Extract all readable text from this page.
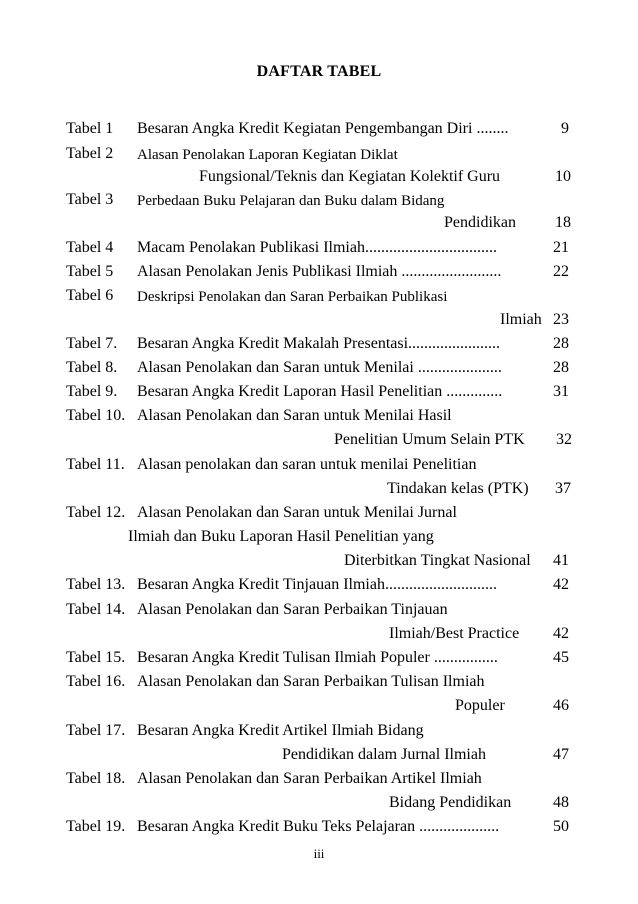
DAFTAR TABEL
Tabel 1 Besaran Angka Kredit Kegiatan Pengembangan Diri ........	9
Tabel 2 Alasan Penolakan Laporan Kegiatan Diklat
Fungsional/Teknis dan Kegiatan Kolektif Guru	10
Tabel 3 Perbedaan Buku Pelajaran dan Buku dalam Bidang
Pendidikan 18
Tabel 4 Macam Penolakan Publikasi Ilmiah.................................	21
Tabel 5 Alasan Penolakan Jenis Publikasi Ilmiah .........................	22
Tabel 6 Deskripsi Penolakan dan Saran Perbaikan Publikasi
Ilmiah 23
Tabel 7. Besaran Angka Kredit Makalah Presentasi.......................	28
Tabel 8. Alasan Penolakan dan Saran untuk Menilai .....................	28
Tabel 9. Besaran Angka Kredit Laporan Hasil Penelitian ..............	31
Tabel 10. Alasan Penolakan dan Saran untuk Menilai Hasil
Penelitian Umum Selain PTK 32
Tabel 11. Alasan penolakan dan saran untuk menilai Penelitian
Tindakan kelas (PTK) 37
Tabel 12. Alasan Penolakan dan Saran untuk Menilai Jurnal
Ilmiah dan Buku Laporan Hasil Penelitian yang
Diterbitkan Tingkat Nasional 41
Tabel 13. Besaran Angka Kredit Tinjauan Ilmiah............................	42
Tabel 14. Alasan Penolakan dan Saran Perbaikan Tinjauan
Ilmiah/Best Practice 42
Tabel 15. Besaran Angka Kredit Tulisan Ilmiah Populer ................	45
Tabel 16. Alasan Penolakan dan Saran Perbaikan Tulisan Ilmiah
Populer	46
Tabel 17. Besaran Angka Kredit Artikel Ilmiah Bidang
Pendidikan dalam Jurnal Ilmiah	47
Tabel 18. Alasan Penolakan dan Saran Perbaikan Artikel Ilmiah
Bidang Pendidikan	48
Tabel 19. Besaran Angka Kredit Buku Teks Pelajaran ....................	50
iii
